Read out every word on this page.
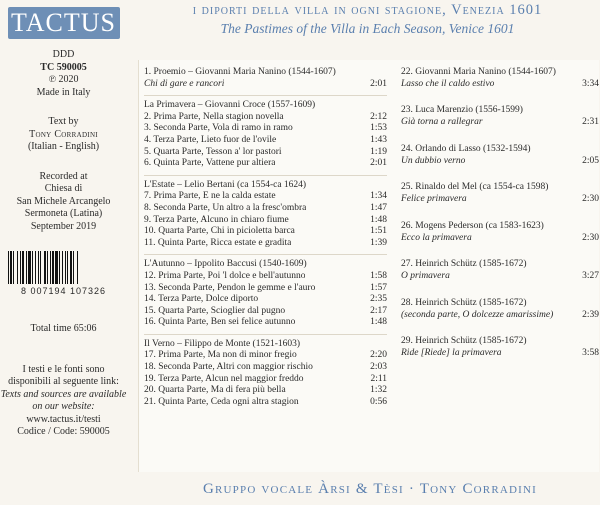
TACTUS
DDD
TC 590005
℗ 2020
Made in Italy
Text by
Tony Corradini
(Italian - English)
Recorded at
Chiesa di
San Michele Arcangelo
Sermoneta (Latina)
September 2019
8 007194 107326
Total time 65:06
I testi e le fonti sono
disponibili al seguente link:
Texts and sources are available
on our website:
www.tactus.it/testi
Codice / Code: 590005
i diporti della villa in ogni stagione, Venezia 1601
The Pastimes of the Villa in Each Season, Venice 1601
1. Proemio – Giovanni Maria Nanino (1544-1607)
Chi di gare e rancori	2:01
La Primavera – Giovanni Croce (1557-1609)
2. Prima Parte, Nella stagion novella	2:12
3. Seconda Parte, Vola di ramo in ramo	1:53
4. Terza Parte, Lieto fuor de l'ovile	1:43
5. Quarta Parte, Tesson a' lor pastori	1:19
6. Quinta Parte, Vattene pur altiera	2:01
L'Estate – Lelio Bertani (ca 1554-ca 1624)
7. Prima Parte, E ne la calda estate	1:34
8. Seconda Parte, Un altro a la fresc'ombra	1:47
9. Terza Parte, Alcuno in chiaro fiume	1:48
10. Quarta Parte, Chi in picioletta barca	1:51
11. Quinta Parte, Ricca estate e gradita	1:39
L'Autunno – Ippolito Baccusi (1540-1609)
12. Prima Parte, Poi 'l dolce e bell'autunno	1:58
13. Seconda Parte, Pendon le gemme e l'auro	1:57
14. Terza Parte, Dolce diporto	2:35
15. Quarta Parte, Scioglier dal pugno	2:17
16. Quinta Parte, Ben sei felice autunno	1:48
Il Verno – Filippo de Monte (1521-1603)
17. Prima Parte, Ma non di minor fregio	2:20
18. Seconda Parte, Altri con maggior rischio	2:03
19. Terza Parte, Alcun nel maggior freddo	2:11
20. Quarta Parte, Ma di fera più bella	1:32
21. Quinta Parte, Ceda ogni altra stagion	0:56
22. Giovanni Maria Nanino (1544-1607)
Lasso che il caldo estivo	3:34
23. Luca Marenzio (1556-1599)
Già torna a rallegrar	2:31
24. Orlando di Lasso (1532-1594)
Un dubbio verno	2:05
25. Rinaldo del Mel (ca 1554-ca 1598)
Felice primavera	2:30
26. Mogens Pederson (ca 1583-1623)
Ecco la primavera	2:30
27. Heinrich Schütz (1585-1672)
O primavera	3:27
28. Heinrich Schütz (1585-1672)
(seconda parte, O dolcezze amarissime)	2:39
29. Heinrich Schütz (1585-1672)
Ride [Riede] la primavera	3:58
Gruppo vocale Àrsi & Tèsi · Tony Corradini
